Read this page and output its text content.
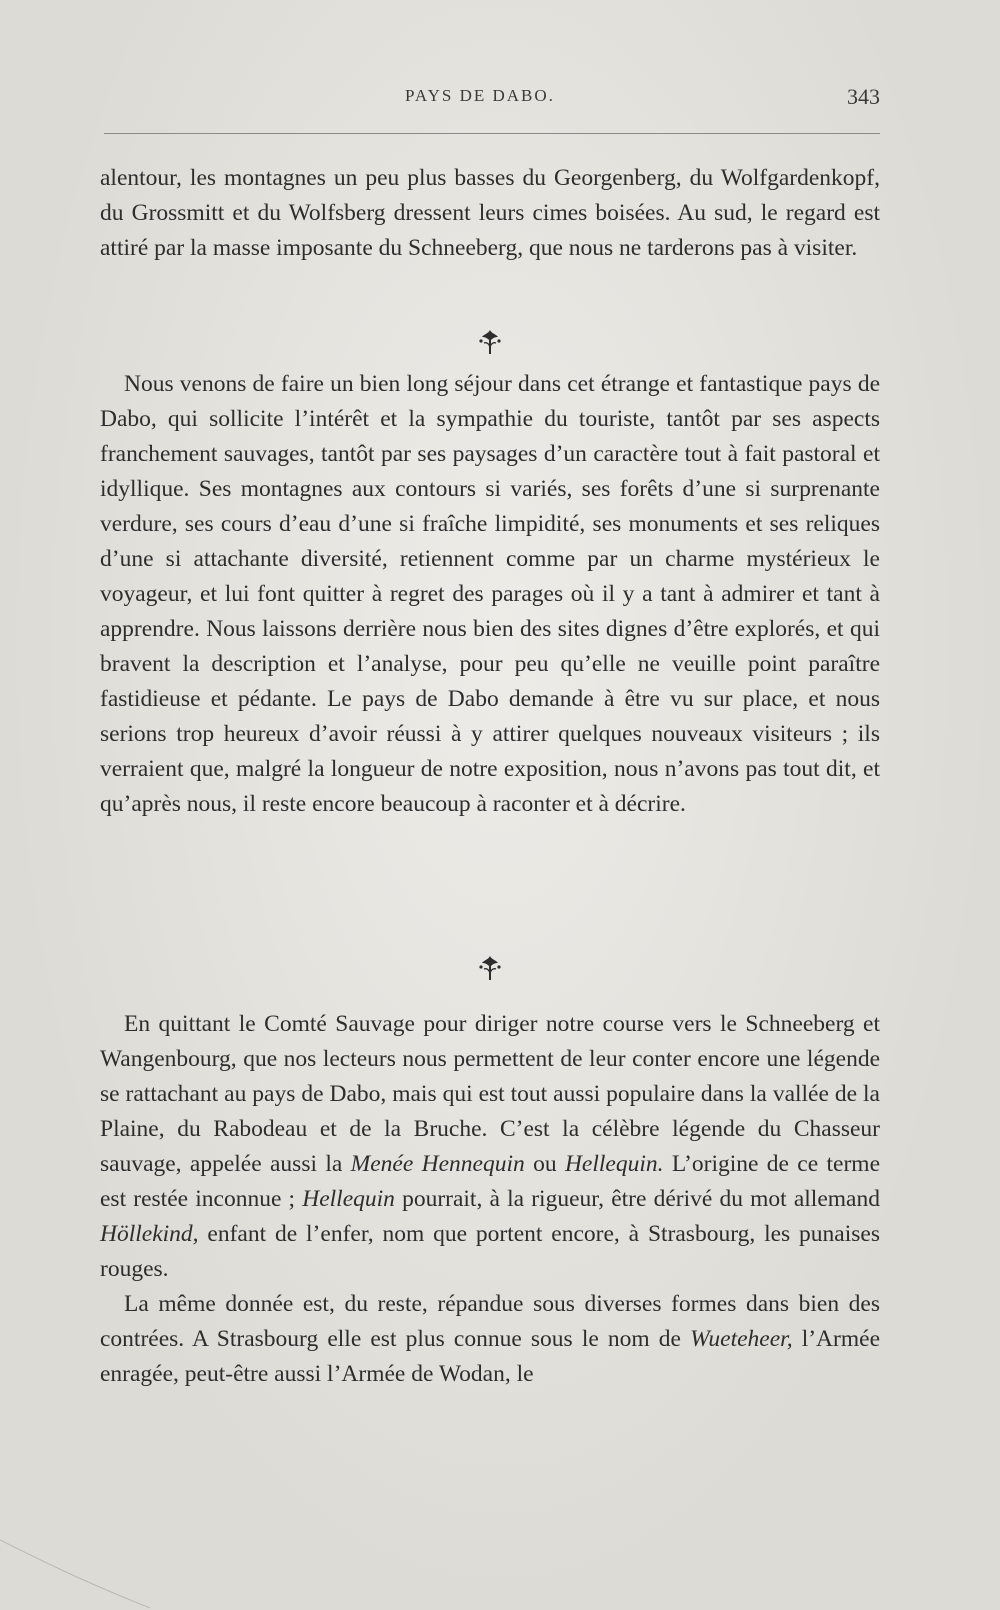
PAYS DE DABO.	343

alentour, les montagnes un peu plus basses du Georgenberg, du Wolfgardenkopf, du Grossmitt et du Wolfsberg dressent leurs cimes boisées. Au sud, le regard est attiré par la masse imposante du Schneeberg, que nous ne tarderons pas à visiter.

Nous venons de faire un bien long séjour dans cet étrange et fantastique pays de Dabo, qui sollicite l’intérêt et la sympathie du touriste, tantôt par ses aspects franchement sauvages, tantôt par ses paysages d’un caractère tout à fait pastoral et idyllique. Ses montagnes aux contours si variés, ses forêts d’une si surprenante verdure, ses cours d’eau d’une si fraîche limpidité, ses monuments et ses reliques d’une si attachante diversité, retiennent comme par un charme mystérieux le voyageur, et lui font quitter à regret des parages où il y a tant à admirer et tant à apprendre. Nous laissons derrière nous bien des sites dignes d’être explorés, et qui bravent la description et l’analyse, pour peu qu’elle ne veuille point paraître fastidieuse et pédante. Le pays de Dabo demande à être vu sur place, et nous serions trop heureux d’avoir réussi à y attirer quelques nouveaux visiteurs ; ils verraient que, malgré la longueur de notre exposition, nous n’avons pas tout dit, et qu’après nous, il reste encore beaucoup à raconter et à décrire.

En quittant le Comté Sauvage pour diriger notre course vers le Schneeberg et Wangenbourg, que nos lecteurs nous permettent de leur conter encore une légende se rattachant au pays de Dabo, mais qui est tout aussi populaire dans la vallée de la Plaine, du Rabodeau et de la Bruche. C’est la célèbre légende du Chasseur sauvage, appelée aussi la Menée Hennequin ou Hellequin. L’origine de ce terme est restée inconnue ; Hellequin pourrait, à la rigueur, être dérivé du mot allemand Höllekind, enfant de l’enfer, nom que portent encore, à Strasbourg, les punaises rouges.

La même donnée est, du reste, répandue sous diverses formes dans bien des contrées. A Strasbourg elle est plus connue sous le nom de Wueteheer, l’Armée enragée, peut-être aussi l’Armée de Wodan, le
